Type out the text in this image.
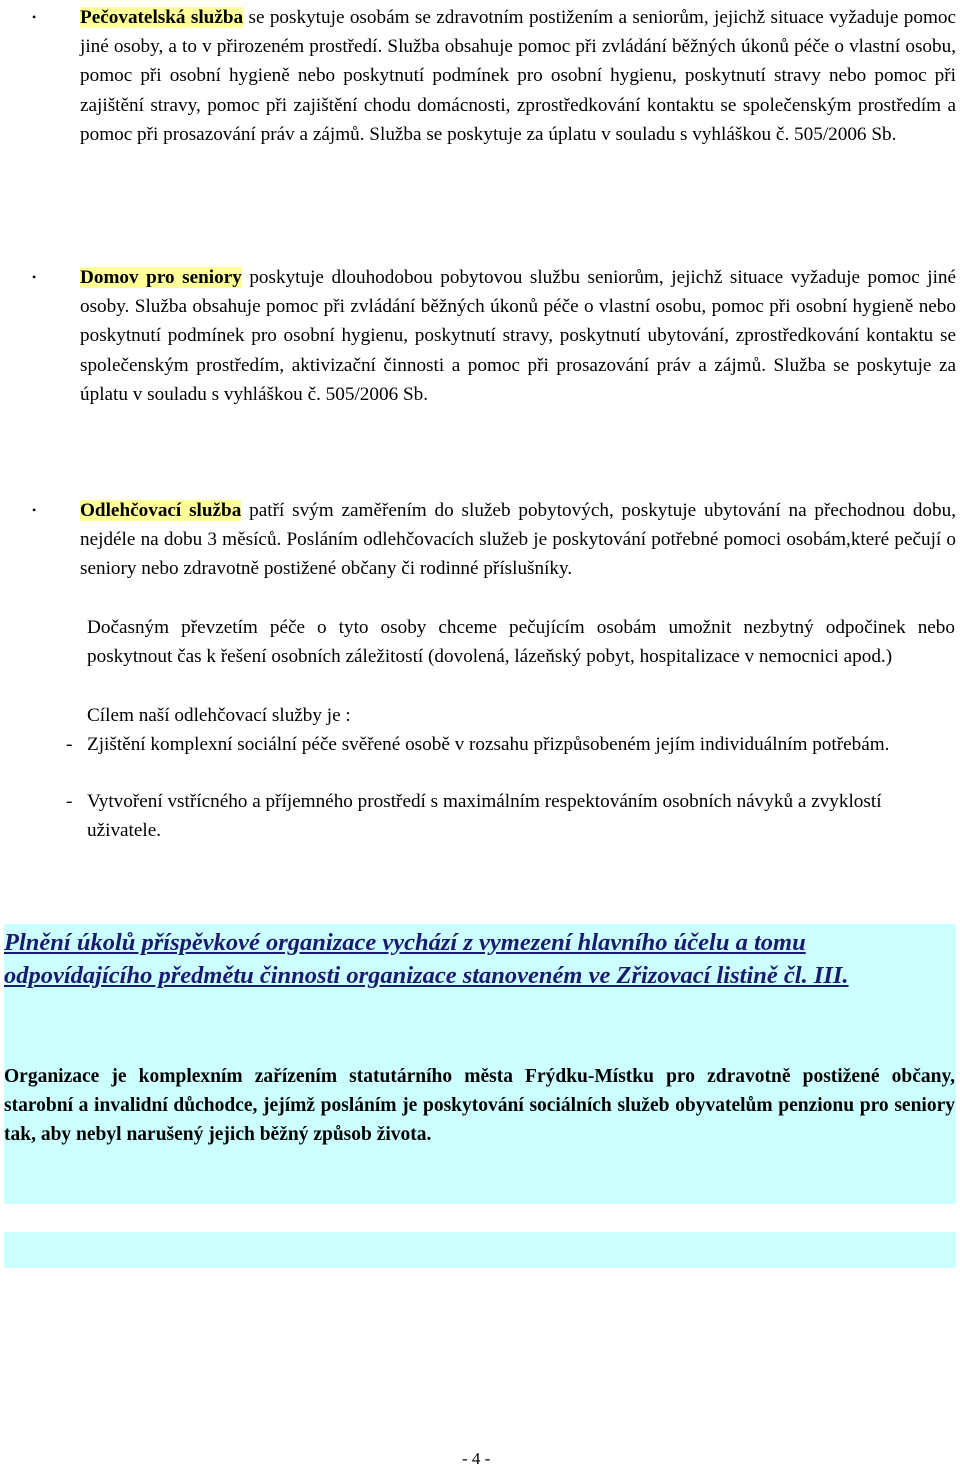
• Pečovatelská služba se poskytuje osobám se zdravotním postižením a seniorům, jejichž situace vyžaduje pomoc jiné osoby, a to v přirozeném prostředí. Služba obsahuje pomoc při zvládání běžných úkonů péče o vlastní osobu, pomoc při osobní hygieně nebo poskytnutí podmínek pro osobní hygienu, poskytnutí stravy nebo pomoc při zajištění stravy, pomoc při zajištění chodu domácnosti, zprostředkování kontaktu se společenským prostředím a pomoc při prosazování práv a zájmů. Služba se poskytuje za úplatu v souladu s vyhláškou č. 505/2006 Sb.
• Domov pro seniory poskytuje dlouhodobou pobytovou službu seniorům, jejichž situace vyžaduje pomoc jiné osoby. Služba obsahuje pomoc při zvládání běžných úkonů péče o vlastní osobu, pomoc při osobní hygieně nebo poskytnutí podmínek pro osobní hygienu, poskytnutí stravy, poskytnutí ubytování, zprostředkování kontaktu se společenským prostředím, aktivizační činnosti a pomoc při prosazování práv a zájmů. Služba se poskytuje za úplatu v souladu s vyhláškou č. 505/2006 Sb.
• Odlehčovací služba patří svým zaměřením do služeb pobytových, poskytuje ubytování na přechodnou dobu, nejdéle na dobu 3 měsíců. Posláním odlehčovacích služeb je poskytování potřebné pomoci osobám,které pečují o seniory nebo zdravotně postižené občany či rodinné příslušníky.
Dočasným převzetím péče o tyto osoby chceme pečujícím osobám umožnit nezbytný odpočinek nebo poskytnout čas k řešení osobních záležitostí (dovolená, lázeňský pobyt, hospitalizace v nemocnici apod.)
Cílem naší odlehčovací služby je :
- Zjištění komplexní sociální péče svěřené osobě v rozsahu přizpůsobeném jejím individuálním potřebám.
- Vytvoření vstřícného a příjemného prostředí s maximálním respektováním osobních návyků a zvyklostí uživatele.
Plnění úkolů příspěvkové organizace vychází z vymezení hlavního účelu a tomu odpovídajícího předmětu činnosti organizace stanoveném ve Zřizovací listině čl. III.
Organizace je komplexním zařízením statutárního města Frýdku-Místku pro zdravotně postižené občany, starobní a invalidní důchodce, jejímž posláním je poskytování sociálních služeb obyvatelům penzionu pro seniory tak, aby nebyl narušený jejich běžný způsob života.
- 4 -
